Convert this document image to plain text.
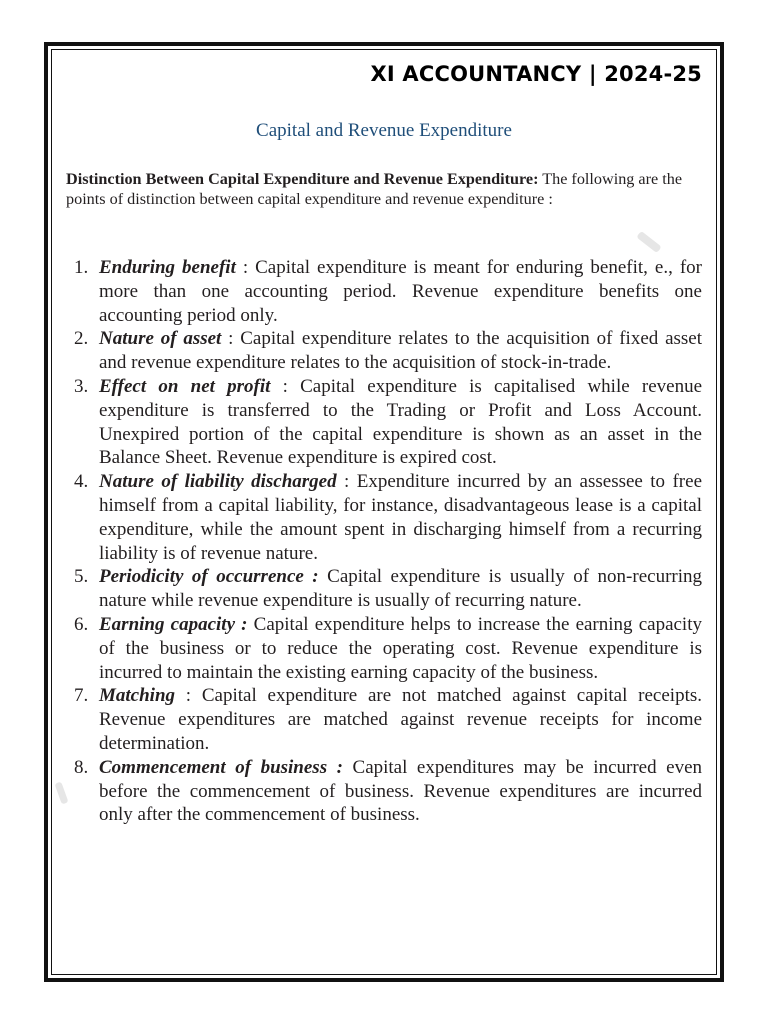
XI ACCOUNTANCY | 2024-25
Capital and Revenue Expenditure
Distinction Between Capital Expenditure and Revenue Expenditure: The following are the points of distinction between capital expenditure and revenue expenditure :
1. Enduring benefit : Capital expenditure is meant for enduring benefit, e., for more than one accounting period. Revenue expenditure benefits one accounting period only.
2. Nature of asset : Capital expenditure relates to the acquisition of fixed asset and revenue expenditure relates to the acquisition of stock-in-trade.
3. Effect on net profit : Capital expenditure is capitalised while revenue expenditure is transferred to the Trading or Profit and Loss Account. Unexpired portion of the capital expenditure is shown as an asset in the Balance Sheet. Revenue expenditure is expired cost.
4. Nature of liability discharged : Expenditure incurred by an assessee to free himself from a capital liability, for instance, disadvantageous lease is a capital expenditure, while the amount spent in discharging himself from a recurring liability is of revenue nature.
5. Periodicity of occurrence : Capital expenditure is usually of non-recurring nature while revenue expenditure is usually of recurring nature.
6. Earning capacity : Capital expenditure helps to increase the earning capacity of the business or to reduce the operating cost. Revenue expenditure is incurred to maintain the existing earning capacity of the business.
7. Matching : Capital expenditure are not matched against capital receipts. Revenue expenditures are matched against revenue receipts for income determination.
8. Commencement of business : Capital expenditures may be incurred even before the commencement of business. Revenue expenditures are incurred only after the commencement of business.
